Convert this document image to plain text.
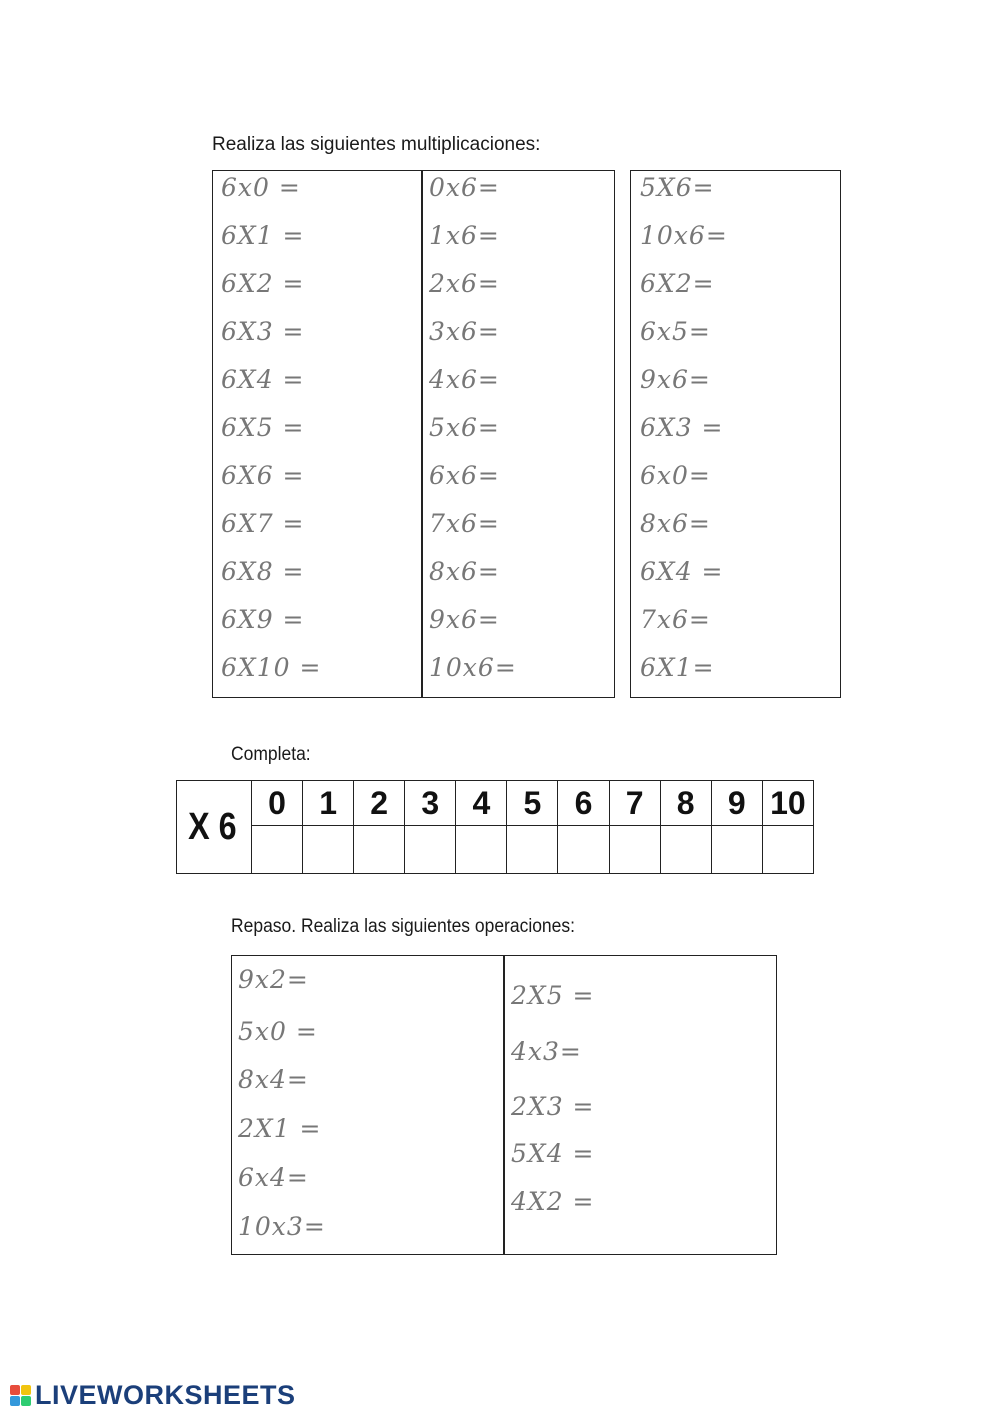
Realiza las siguientes multiplicaciones:

6x0 =
6X1 =
6X2 =
6X3 =
6X4 =
6X5 =
6X6 =
6X7 =
6X8 =
6X9 =
6X10 =
0x6=
1x6=
2x6=
3x6=
4x6=
5x6=
6x6=
7x6=
8x6=
9x6=
10x6=
5X6=
10x6=
6X2=
6x5=
9x6=
6X3 =
6x0=
8x6=
6X4 =
7x6=
6X1=

Completa:

X 6	0	1	2	3	4	5	6	7	8	9	10

Repaso. Realiza las siguientes operaciones:

9x2=
5x0 =
8x4=
2X1 =
6x4=
10x3=
2X5 =
4x3=
2X3 =
5X4 =
4X2 =
LIVEWORKSHEETS
